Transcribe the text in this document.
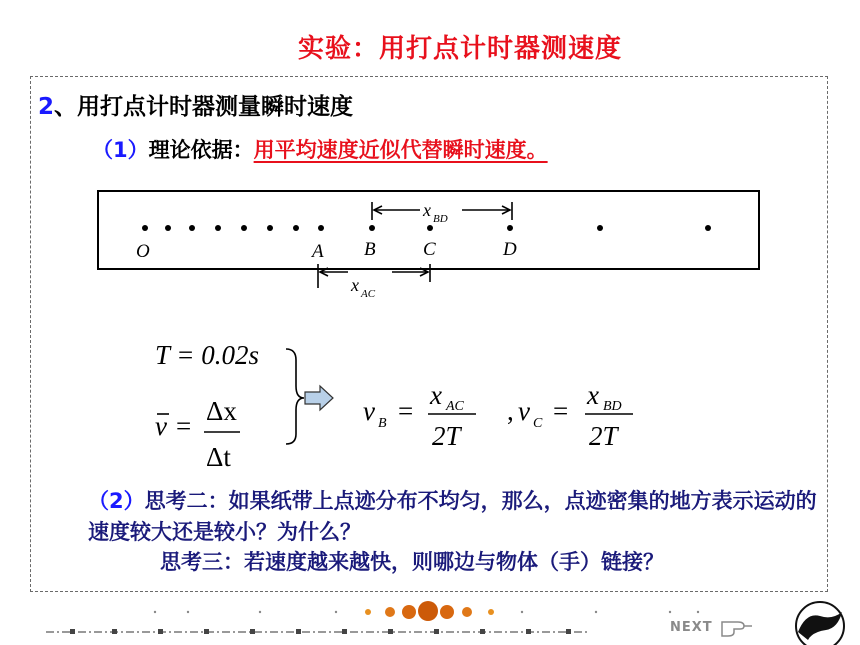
实验：用打点计时器测速度
2、用打点计时器测量瞬时速度
（1）理论依据：用平均速度近似代替瞬时速度。
O	A B C	D
x BD
x AC
T = 0.02s
v = Δx
Δt
v B =
x AC
2T
, v C =
x BD
2T
（2）思考二：如果纸带上点迹分布不均匀，那么，点迹密集的地方表示运动的速度较大还是较小？为什么？
思考三：若速度越来越快，则哪边与物体（手）链接？
NEXT
